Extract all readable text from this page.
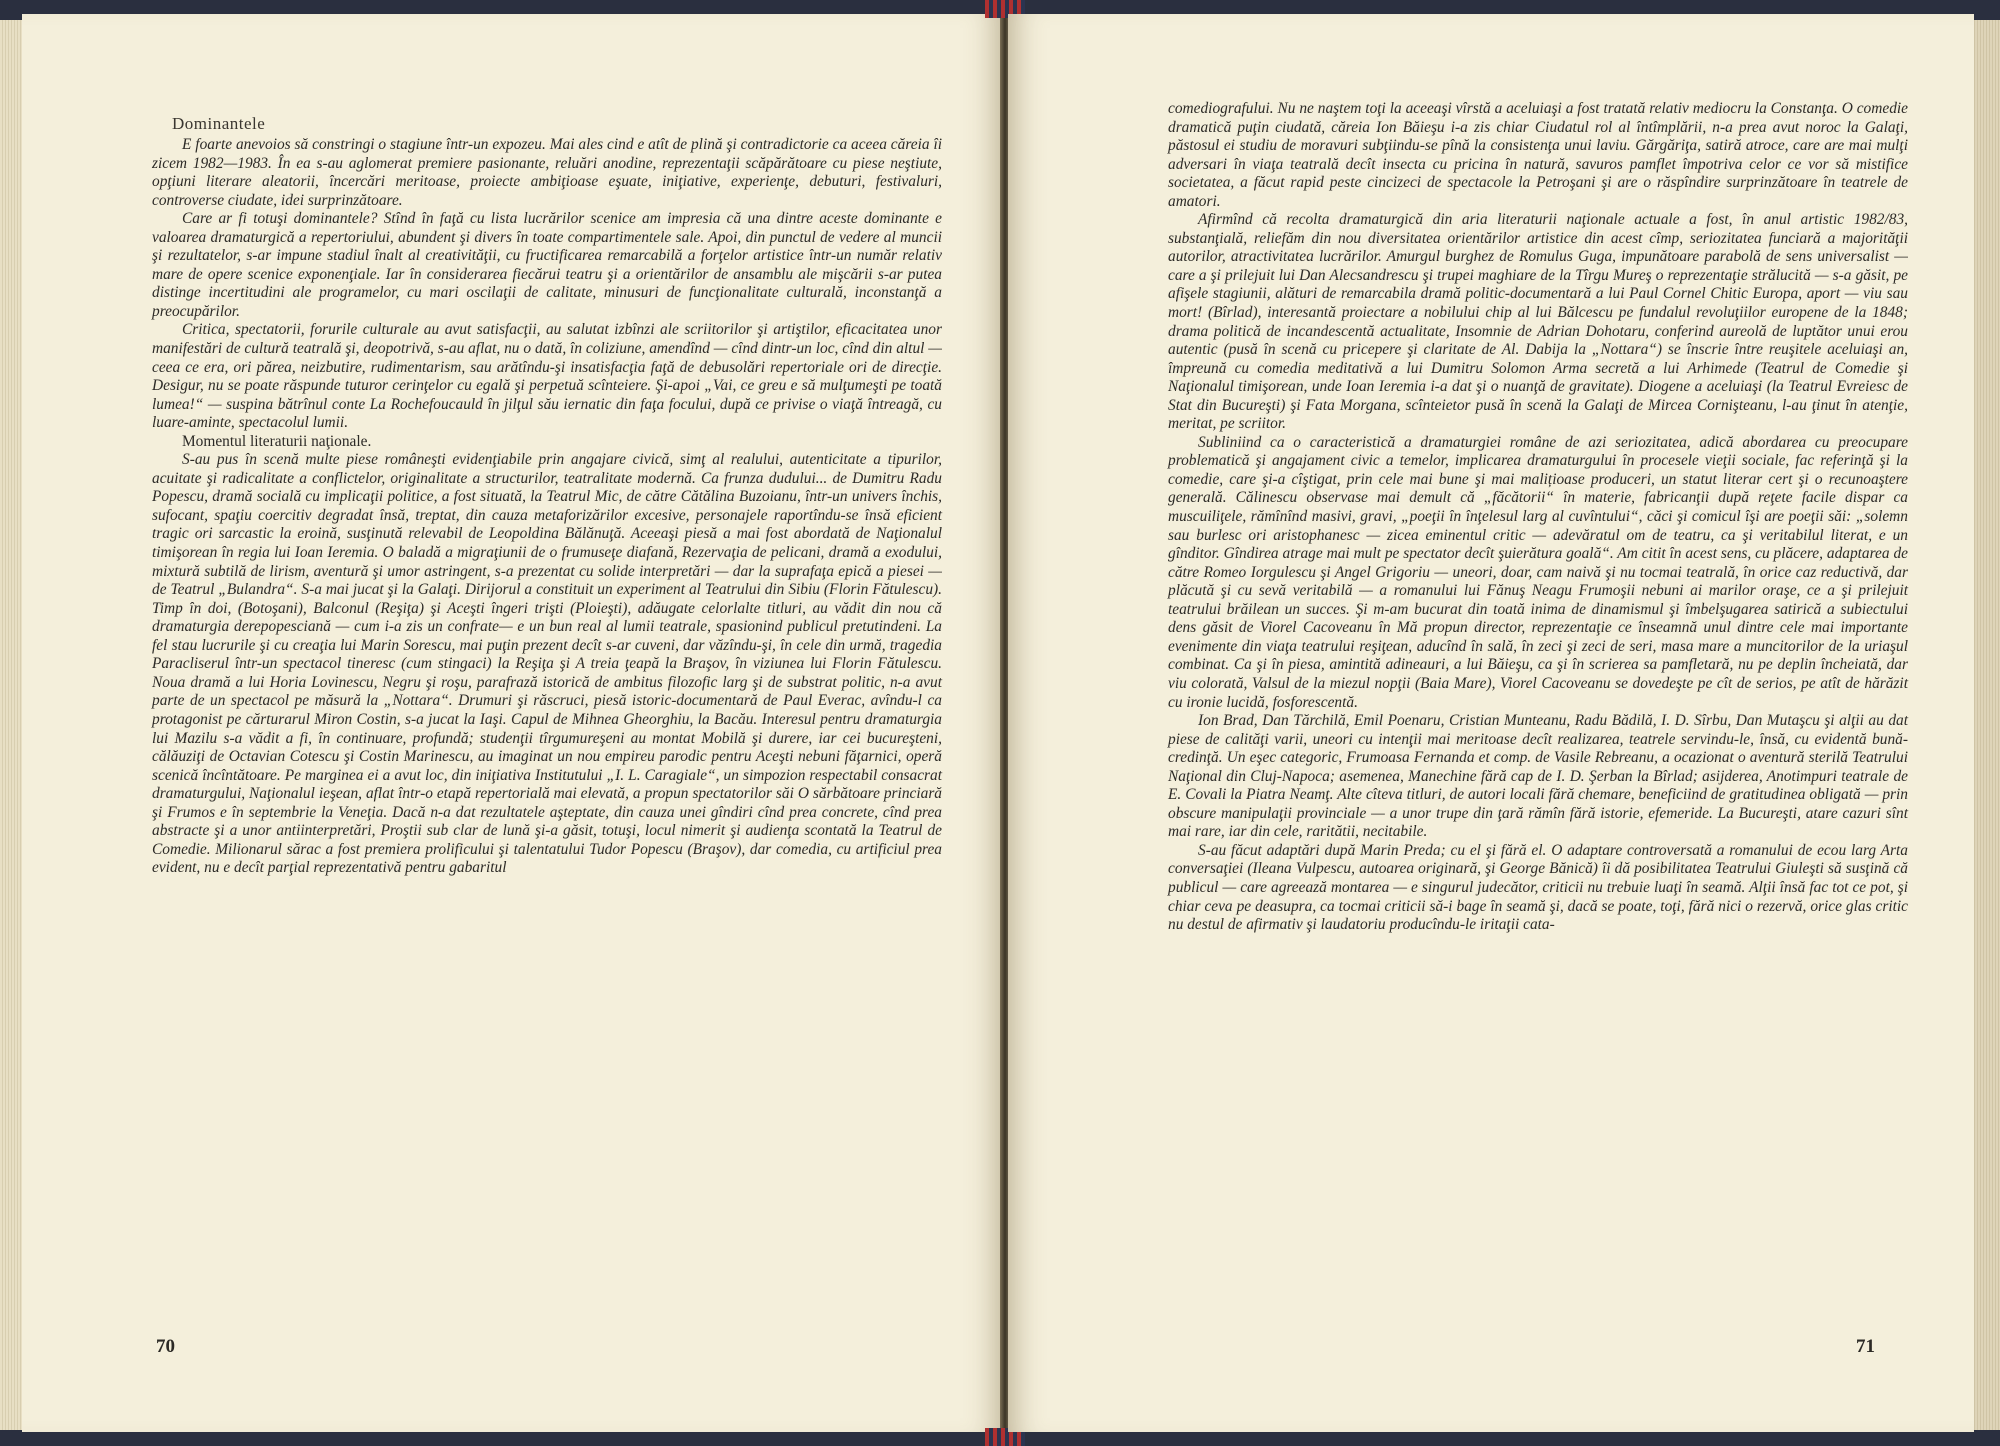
Dominantele

E foarte anevoios să constringi o stagiune într-un expozeu. Mai ales cind e atît de plină şi contradictorie ca aceea căreia îi zicem 1982—1983. În ea s-au aglomerat premiere pasionante, reluări anodine, reprezentaţii scăpărătoare cu piese neştiute, opţiuni literare aleatorii, încercări meritoase, proiecte ambiţioase eşuate, iniţiative, experienţe, debuturi, festivaluri, controverse ciudate, idei surprinzătoare.

Care ar fi totuşi dominantele? Stînd în faţă cu lista lucrărilor scenice am impresia că una dintre aceste dominante e valoarea dramaturgică a repertoriului, abundent şi divers în toate compartimentele sale. Apoi, din punctul de vedere al muncii şi rezultatelor, s-ar impune stadiul înalt al creativităţii, cu fructificarea remarcabilă a forţelor artistice într-un număr relativ mare de opere scenice exponenţiale. Iar în considerarea fiecărui teatru şi a orientărilor de ansamblu ale mişcării s-ar putea distinge incertitudini ale programelor, cu mari oscilaţii de calitate, minusuri de funcţionalitate culturală, inconstanţă a preocupărilor.

Critica, spectatorii, forurile culturale au avut satisfacţii, au salutat izbînzi ale scriitorilor şi artiştilor, eficacitatea unor manifestări de cultură teatrală şi, deopotrivă, s-au aflat, nu o dată, în coliziune, amendînd — cînd dintr-un loc, cînd din altul — ceea ce era, ori părea, neizbutire, rudimentarism, sau arătîndu-şi insatisfacţia faţă de debusolări repertoriale ori de direcţie. Desigur, nu se poate răspunde tuturor cerinţelor cu egală şi perpetuă scînteiere. Şi-apoi „Vai, ce greu e să mulţumeşti pe toată lumea!“ — suspina bătrînul conte La Rochefoucauld în jilţul său iernatic din faţa focului, după ce privise o viaţă întreagă, cu luare-aminte, spectacolul lumii.

Momentul literaturii naţionale.

S-au pus în scenă multe piese româneşti evidenţiabile prin angajare civică, simţ al realului, autenticitate a tipurilor, acuitate şi radicalitate a conflictelor, originalitate a structurilor, teatralitate modernă. Ca frunza dudului... de Dumitru Radu Popescu, dramă socială cu implicaţii politice, a fost situată, la Teatrul Mic, de către Cătălina Buzoianu, într-un univers închis, sufocant, spaţiu coercitiv degradat însă, treptat, din cauza metaforizărilor excesive, personajele raportîndu-se însă eficient tragic ori sarcastic la eroină, susţinută relevabil de Leopoldina Bălănuţă. Aceeaşi piesă a mai fost abordată de Naţionalul timişorean în regia lui Ioan Ieremia. O baladă a migraţiunii de o frumuseţe diafană, Rezervaţia de pelicani, dramă a exodului, mixtură subtilă de lirism, aventură şi umor astringent, s-a prezentat cu solide interpretări — dar la suprafaţa epică a piesei — de Teatrul „Bulandra“. S-a mai jucat şi la Galaţi. Dirijorul a constituit un experiment al Teatrului din Sibiu (Florin Fătulescu). Timp în doi, (Botoşani), Balconul (Reşiţa) şi Aceşti îngeri trişti (Ploieşti), adăugate celorlalte titluri, au vădit din nou că dramaturgia derepopesciană — cum i-a zis un confrate— e un bun real al lumii teatrale, spasionind publicul pretutindeni. La fel stau lucrurile şi cu creaţia lui Marin Sorescu, mai puţin prezent decît s-ar cuveni, dar văzîndu-şi, în cele din urmă, tragedia Paracliserul într-un spectacol tineresc (cum stingaci) la Reşiţa şi A treia ţeapă la Braşov, în viziunea lui Florin Fătulescu. Noua dramă a lui Horia Lovinescu, Negru şi roşu, parafrază istorică de ambitus filozofic larg şi de substrat politic, n-a avut parte de un spectacol pe măsură la „Nottara“. Drumuri şi răscruci, piesă istoric-documentară de Paul Everac, avîndu-l ca protagonist pe cărturarul Miron Costin, s-a jucat la Iaşi. Capul de Mihnea Gheorghiu, la Bacău. Interesul pentru dramaturgia lui Mazilu s-a vădit a fi, în continuare, profundă; studenţii tîrgumureşeni au montat Mobilă şi durere, iar cei bucureşteni, călăuziţi de Octavian Cotescu şi Costin Marinescu, au imaginat un nou empireu parodic pentru Aceşti nebuni făţarnici, operă scenică încîntătoare. Pe marginea ei a avut loc, din iniţiativa Institutului „I. L. Caragiale“, un simpozion respectabil consacrat dramaturgului, Naţionalul ieşean, aflat într-o etapă repertorială mai elevată, a propun spectatorilor săi O sărbătoare princiară şi Frumos e în septembrie la Veneţia. Dacă n-a dat rezultatele aşteptate, din cauza unei gîndiri cînd prea concrete, cînd prea abstracte şi a unor antiinterpretări, Proştii sub clar de lună şi-a găsit, totuşi, locul nimerit şi audienţa scontată la Teatrul de Comedie. Milionarul sărac a fost premiera prolificului şi talentatului Tudor Popescu (Braşov), dar comedia, cu artificiul prea evident, nu e decît parţial reprezentativă pentru gabaritul

70

comediografului. Nu ne naştem toţi la aceeaşi vîrstă a aceluiaşi a fost tratată relativ mediocru la Constanţa. O comedie dramatică puţin ciudată, căreia Ion Băieşu i-a zis chiar Ciudatul rol al întîmplării, n-a prea avut noroc la Galaţi, păstosul ei studiu de moravuri subţiindu-se pînă la consistenţa unui laviu. Gărgăriţa, satiră atroce, care are mai mulţi adversari în viaţa teatrală decît insecta cu pricina în natură, savuros pamflet împotriva celor ce vor să mistifice societatea, a făcut rapid peste cincizeci de spectacole la Petroşani şi are o răspîndire surprinzătoare în teatrele de amatori.

Afirmînd că recolta dramaturgică din aria literaturii naţionale actuale a fost, în anul artistic 1982/83, substanţială, reliefăm din nou diversitatea orientărilor artistice din acest cîmp, seriozitatea funciară a majorităţii autorilor, atractivitatea lucrărilor. Amurgul burghez de Romulus Guga, impunătoare parabolă de sens universalist — care a şi prilejuit lui Dan Alecsandrescu şi trupei maghiare de la Tîrgu Mureş o reprezentaţie strălucită — s-a găsit, pe afişele stagiunii, alături de remarcabila dramă politic-documentară a lui Paul Cornel Chitic Europa, aport — viu sau mort! (Bîrlad), interesantă proiectare a nobilului chip al lui Bălcescu pe fundalul revoluţiilor europene de la 1848; drama politică de incandescentă actualitate, Insomnie de Adrian Dohotaru, conferind aureolă de luptător unui erou autentic (pusă în scenă cu pricepere şi claritate de Al. Dabija la „Nottara“) se înscrie între reuşitele aceluiaşi an, împreună cu comedia meditativă a lui Dumitru Solomon Arma secretă a lui Arhimede (Teatrul de Comedie şi Naţionalul timişorean, unde Ioan Ieremia i-a dat şi o nuanţă de gravitate). Diogene a aceluiaşi (la Teatrul Evreiesc de Stat din Bucureşti) şi Fata Morgana, scînteietor pusă în scenă la Galaţi de Mircea Cornişteanu, l-au ţinut în atenţie, meritat, pe scriitor.

Subliniind ca o caracteristică a dramaturgiei române de azi seriozitatea, adică abordarea cu preocupare problematică şi angajament civic a temelor, implicarea dramaturgului în procesele vieţii sociale, fac referinţă şi la comedie, care şi-a cîştigat, prin cele mai bune şi mai malițioase produceri, un statut literar cert şi o recunoaştere generală. Călinescu observase mai demult că „făcătorii“ în materie, fabricanţii după reţete facile dispar ca muscuiliţele, rămînînd masivi, gravi, „poeţii în înţelesul larg al cuvîntului“, căci şi comicul îşi are poeţii săi: „solemn sau burlesc ori aristophanesc — zicea eminentul critic — adevăratul om de teatru, ca şi veritabilul literat, e un gînditor. Gîndirea atrage mai mult pe spectator decît şuierătura goală“. Am citit în acest sens, cu plăcere, adaptarea de către Romeo Iorgulescu şi Angel Grigoriu — uneori, doar, cam naivă şi nu tocmai teatrală, în orice caz reductivă, dar plăcută şi cu sevă veritabilă — a romanului lui Fănuş Neagu Frumoşii nebuni ai marilor oraşe, ce a şi prilejuit teatrului brăilean un succes. Şi m-am bucurat din toată inima de dinamismul şi îmbelşugarea satirică a subiectului dens găsit de Viorel Cacoveanu în Mă propun director, reprezentaţie ce înseamnă unul dintre cele mai importante evenimente din viaţa teatrului reşiţean, aducînd în sală, în zeci şi zeci de seri, masa mare a muncitorilor de la uriaşul combinat. Ca şi în piesa, amintită adineauri, a lui Băieşu, ca şi în scrierea sa pamfletară, nu pe deplin încheiată, dar viu colorată, Valsul de la miezul nopţii (Baia Mare), Viorel Cacoveanu se dovedeşte pe cît de serios, pe atît de hărăzit cu ironie lucidă, fosforescentă.

Ion Brad, Dan Tărchilă, Emil Poenaru, Cristian Munteanu, Radu Bădilă, I. D. Sîrbu, Dan Mutaşcu şi alţii au dat piese de calităţi varii, uneori cu intenţii mai meritoase decît realizarea, teatrele servindu-le, însă, cu evidentă bună-credinţă. Un eşec categoric, Frumoasa Fernanda et comp. de Vasile Rebreanu, a ocazionat o aventură sterilă Teatrului Naţional din Cluj-Napoca; asemenea, Manechine fără cap de I. D. Şerban la Bîrlad; asijderea, Anotimpuri teatrale de E. Covali la Piatra Neamţ. Alte cîteva titluri, de autori locali fără chemare, beneficiind de gratitudinea obligată — prin obscure manipulaţii provinciale — a unor trupe din ţară rămîn fără istorie, efemeride. La Bucureşti, atare cazuri sînt mai rare, iar din cele, raritătii, necitabile.

S-au făcut adaptări după Marin Preda; cu el şi fără el. O adaptare controversată a romanului de ecou larg Arta conversaţiei (Ileana Vulpescu, autoarea originară, şi George Bănică) îi dă posibilitatea Teatrului Giuleşti să susţină că publicul — care agreează montarea — e singurul judecător, criticii nu trebuie luaţi în seamă. Alţii însă fac tot ce pot, şi chiar ceva pe deasupra, ca tocmai criticii să-i bage în seamă şi, dacă se poate, toţi, fără nici o rezervă, orice glas critic nu destul de afirmativ şi laudatoriu producîndu-le iritaţii cata-

71
